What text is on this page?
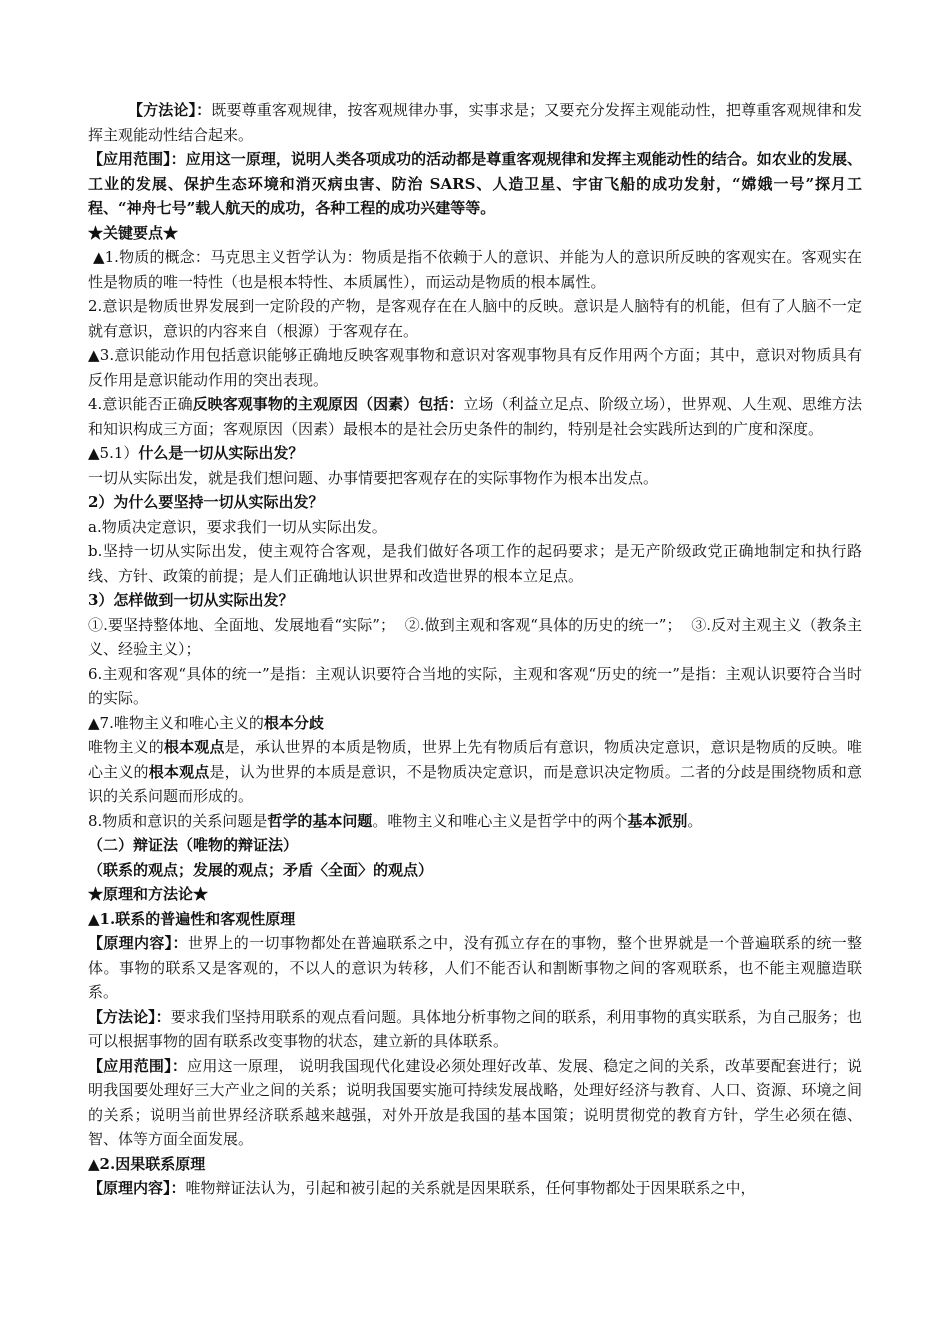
【方法论】：既要尊重客观规律，按客观规律办事，实事求是；又要充分发挥主观能动性，把尊重客观规律和发挥主观能动性结合起来。

【应用范围】：应用这一原理，说明人类各项成功的活动都是尊重客观规律和发挥主观能动性的结合。如农业的发展、工业的发展、保护生态环境和消灭病虫害、防治 SARS、人造卫星、宇宙飞船的成功发射，“嫦娥一号”探月工程、“神舟七号”载人航天的成功，各种工程的成功兴建等等。

★关键要点★

▲1.物质的概念：马克思主义哲学认为：物质是指不依赖于人的意识、并能为人的意识所反映的客观实在。客观实在性是物质的唯一特性（也是根本特性、本质属性），而运动是物质的根本属性。

2.意识是物质世界发展到一定阶段的产物，是客观存在在人脑中的反映。意识是人脑特有的机能，但有了人脑不一定就有意识，意识的内容来自（根源）于客观存在。

▲3.意识能动作用包括意识能够正确地反映客观事物和意识对客观事物具有反作用两个方面；其中，意识对物质具有反作用是意识能动作用的突出表现。

4.意识能否正确反映客观事物的主观原因（因素）包括：立场（利益立足点、阶级立场），世界观、人生观、思维方法和知识构成三方面；客观原因（因素）最根本的是社会历史条件的制约，特别是社会实践所达到的广度和深度。

▲5.1）什么是一切从实际出发？

一切从实际出发，就是我们想问题、办事情要把客观存在的实际事物作为根本出发点。

2）为什么要坚持一切从实际出发？

a.物质决定意识，要求我们一切从实际出发。

b.坚持一切从实际出发，使主观符合客观，是我们做好各项工作的起码要求；是无产阶级政党正确地制定和执行路线、方针、政策的前提；是人们正确地认识世界和改造世界的根本立足点。

3）怎样做到一切从实际出发？

①.要坚持整体地、全面地、发展地看“实际”；  ②.做到主观和客观“具体的历史的统一”；  ③.反对主观主义（教条主义、经验主义）；

6.主观和客观“具体的统一”是指：主观认识要符合当地的实际，主观和客观“历史的统一”是指：主观认识要符合当时的实际。

▲7.唯物主义和唯心主义的根本分歧

唯物主义的根本观点是，承认世界的本质是物质，世界上先有物质后有意识，物质决定意识，意识是物质的反映。唯心主义的根本观点是，认为世界的本质是意识，不是物质决定意识，而是意识决定物质。二者的分歧是围绕物质和意识的关系问题而形成的。

8.物质和意识的关系问题是哲学的基本问题。唯物主义和唯心主义是哲学中的两个基本派别。

（二）辩证法（唯物的辩证法）

（联系的观点；发展的观点；矛盾〈全面〉的观点）

★原理和方法论★

▲1.联系的普遍性和客观性原理

【原理内容】：世界上的一切事物都处在普遍联系之中，没有孤立存在的事物，整个世界就是一个普遍联系的统一整体。事物的联系又是客观的，不以人的意识为转移，人们不能否认和割断事物之间的客观联系，也不能主观臆造联系。

【方法论】：要求我们坚持用联系的观点看问题。具体地分析事物之间的联系，利用事物的真实联系，为自己服务；也可以根据事物的固有联系改变事物的状态，建立新的具体联系。

【应用范围】：应用这一原理， 说明我国现代化建设必须处理好改革、发展、稳定之间的关系，改革要配套进行；说明我国要处理好三大产业之间的关系；说明我国要实施可持续发展战略，处理好经济与教育、人口、资源、环境之间的关系；说明当前世界经济联系越来越强，对外开放是我国的基本国策；说明贯彻党的教育方针，学生必须在德、智、体等方面全面发展。

▲2.因果联系原理

【原理内容】：唯物辩证法认为，引起和被引起的关系就是因果联系，任何事物都处于因果联系之中，
